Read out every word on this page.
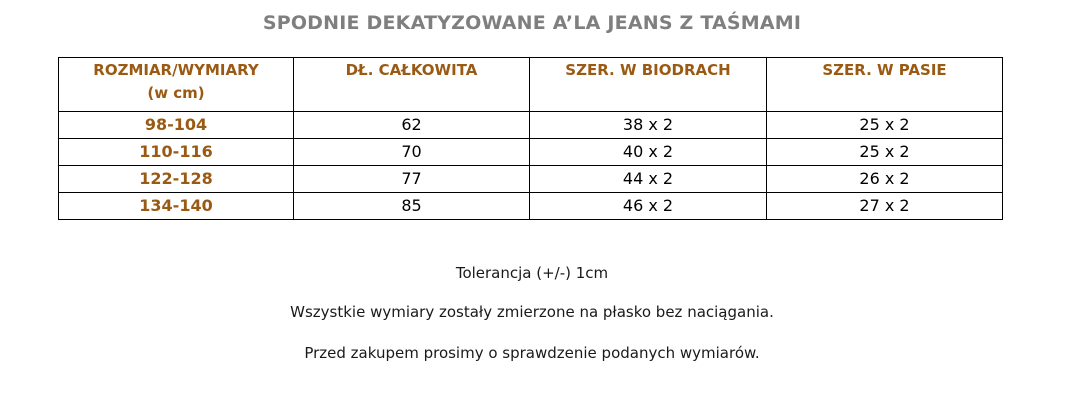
SPODNIE DEKATYZOWANE A’LA JEANS Z TAŚMAMI
ROZMIAR/WYMIARY
(w cm)	DŁ. CAŁKOWITA	SZER. W BIODRACH	SZER. W PASIE

98-104	62	38 x 2	25 x 2
110-116	70	40 x 2	25 x 2
122-128	77	44 x 2	26 x 2
134-140	85	46 x 2	27 x 2

Tolerancja (+/-) 1cm

Wszystkie wymiary zostały zmierzone na płasko bez naciągania.

Przed zakupem prosimy o sprawdzenie podanych wymiarów.
